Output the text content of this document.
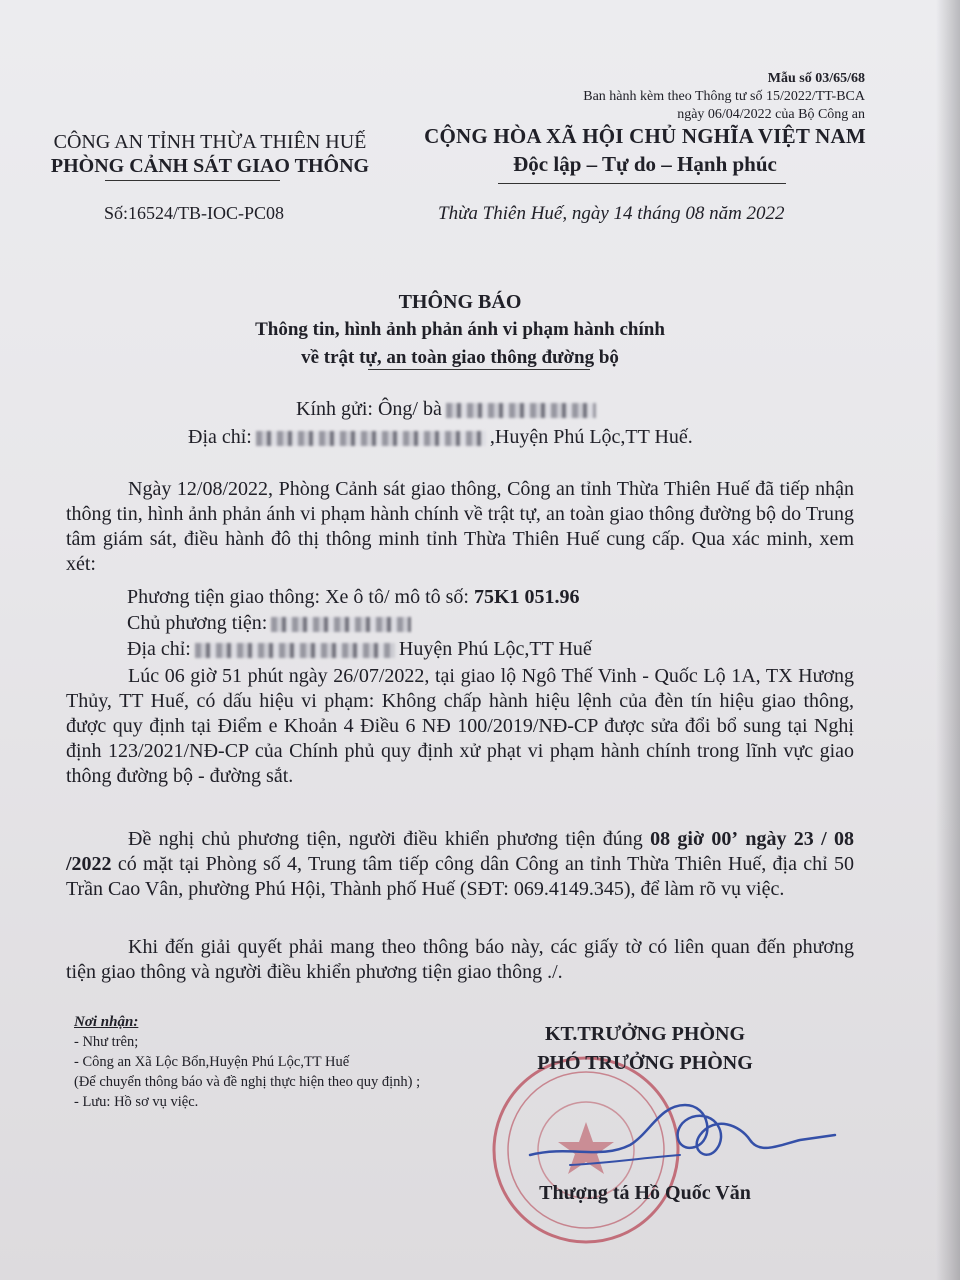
Mẫu số 03/65/68
Ban hành kèm theo Thông tư số 15/2022/TT-BCA
ngày 06/04/2022 của Bộ Công an
CÔNG AN TỈNH THỪA THIÊN HUẾ
PHÒNG CẢNH SÁT GIAO THÔNG
CỘNG HÒA XÃ HỘI CHỦ NGHĨA VIỆT NAM
Độc lập – Tự do – Hạnh phúc
Số:16524/TB-IOC-PC08	Thừa Thiên Huế, ngày 14 tháng 08 năm 2022
THÔNG BÁO
Thông tin, hình ảnh phản ánh vi phạm hành chính
về trật tự, an toàn giao thông đường bộ
Kính gửi: Ông/ bà
Địa chỉ:	,Huyện Phú Lộc,TT Huế.
Ngày 12/08/2022, Phòng Cảnh sát giao thông, Công an tỉnh Thừa Thiên Huế đã tiếp nhận thông tin, hình ảnh phản ánh vi phạm hành chính về trật tự, an toàn giao thông đường bộ do Trung tâm giám sát, điều hành đô thị thông minh tỉnh Thừa Thiên Huế cung cấp. Qua xác minh, xem xét:
Phương tiện giao thông: Xe ô tô/ mô tô số: 75K1 051.96
Chủ phương tiện:
Địa chỉ:	Huyện Phú Lộc,TT Huế
Lúc 06 giờ 51 phút ngày 26/07/2022, tại giao lộ Ngô Thế Vinh - Quốc Lộ 1A, TX Hương Thủy, TT Huế, có dấu hiệu vi phạm: Không chấp hành hiệu lệnh của đèn tín hiệu giao thông, được quy định tại Điểm e Khoản 4 Điều 6 NĐ 100/2019/NĐ-CP được sửa đổi bổ sung tại Nghị định 123/2021/NĐ-CP của Chính phủ quy định xử phạt vi phạm hành chính trong lĩnh vực giao thông đường bộ - đường sắt.
Đề nghị chủ phương tiện, người điều khiển phương tiện đúng 08 giờ 00’ ngày 23 / 08 /2022 có mặt tại Phòng số 4, Trung tâm tiếp công dân Công an tỉnh Thừa Thiên Huế, địa chỉ 50 Trần Cao Vân, phường Phú Hội, Thành phố Huế (SĐT: 069.4149.345), để làm rõ vụ việc.
Khi đến giải quyết phải mang theo thông báo này, các giấy tờ có liên quan đến phương tiện giao thông và người điều khiển phương tiện giao thông ./.
Nơi nhận:
- Như trên;
- Công an Xã Lộc Bổn,Huyện Phú Lộc,TT Huế
(Để chuyển thông báo và đề nghị thực hiện theo quy định) ;
- Lưu: Hồ sơ vụ việc.
KT.TRƯỞNG PHÒNG
PHÓ TRƯỞNG PHÒNG
Thượng tá Hồ Quốc Văn
